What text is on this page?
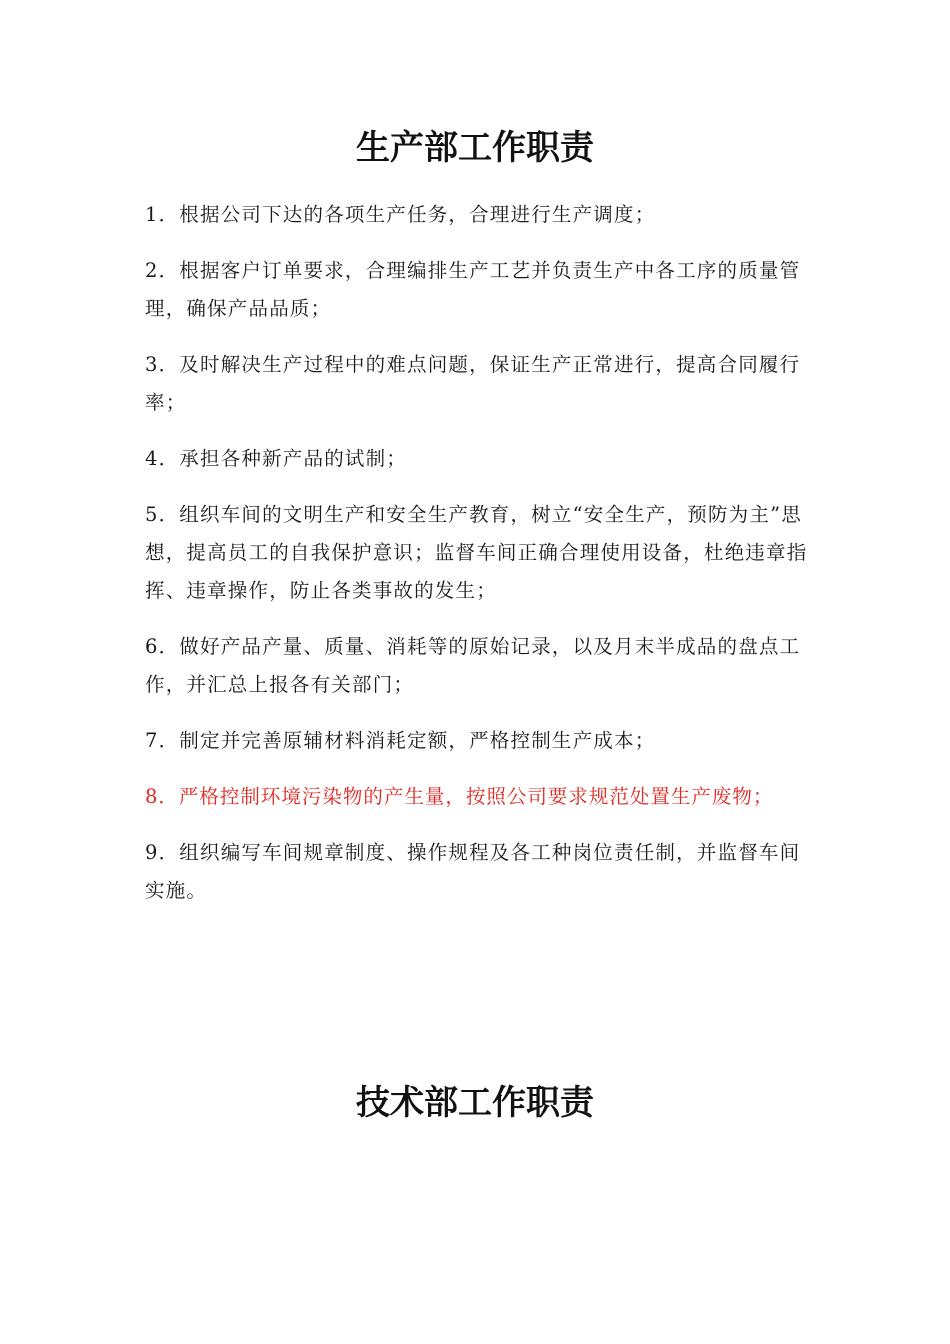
生产部工作职责
1．根据公司下达的各项生产任务，合理进行生产调度；
2．根据客户订单要求，合理编排生产工艺并负责生产中各工序的质量管理，确保产品品质；
3．及时解决生产过程中的难点问题，保证生产正常进行，提高合同履行率；
4．承担各种新产品的试制；
5．组织车间的文明生产和安全生产教育，树立“安全生产，预防为主”思想，提高员工的自我保护意识；监督车间正确合理使用设备，杜绝违章指挥、违章操作，防止各类事故的发生；
6．做好产品产量、质量、消耗等的原始记录，以及月末半成品的盘点工作，并汇总上报各有关部门；
7．制定并完善原辅材料消耗定额，严格控制生产成本；
8．严格控制环境污染物的产生量，按照公司要求规范处置生产废物；
9．组织编写车间规章制度、操作规程及各工种岗位责任制，并监督车间实施。
技术部工作职责
